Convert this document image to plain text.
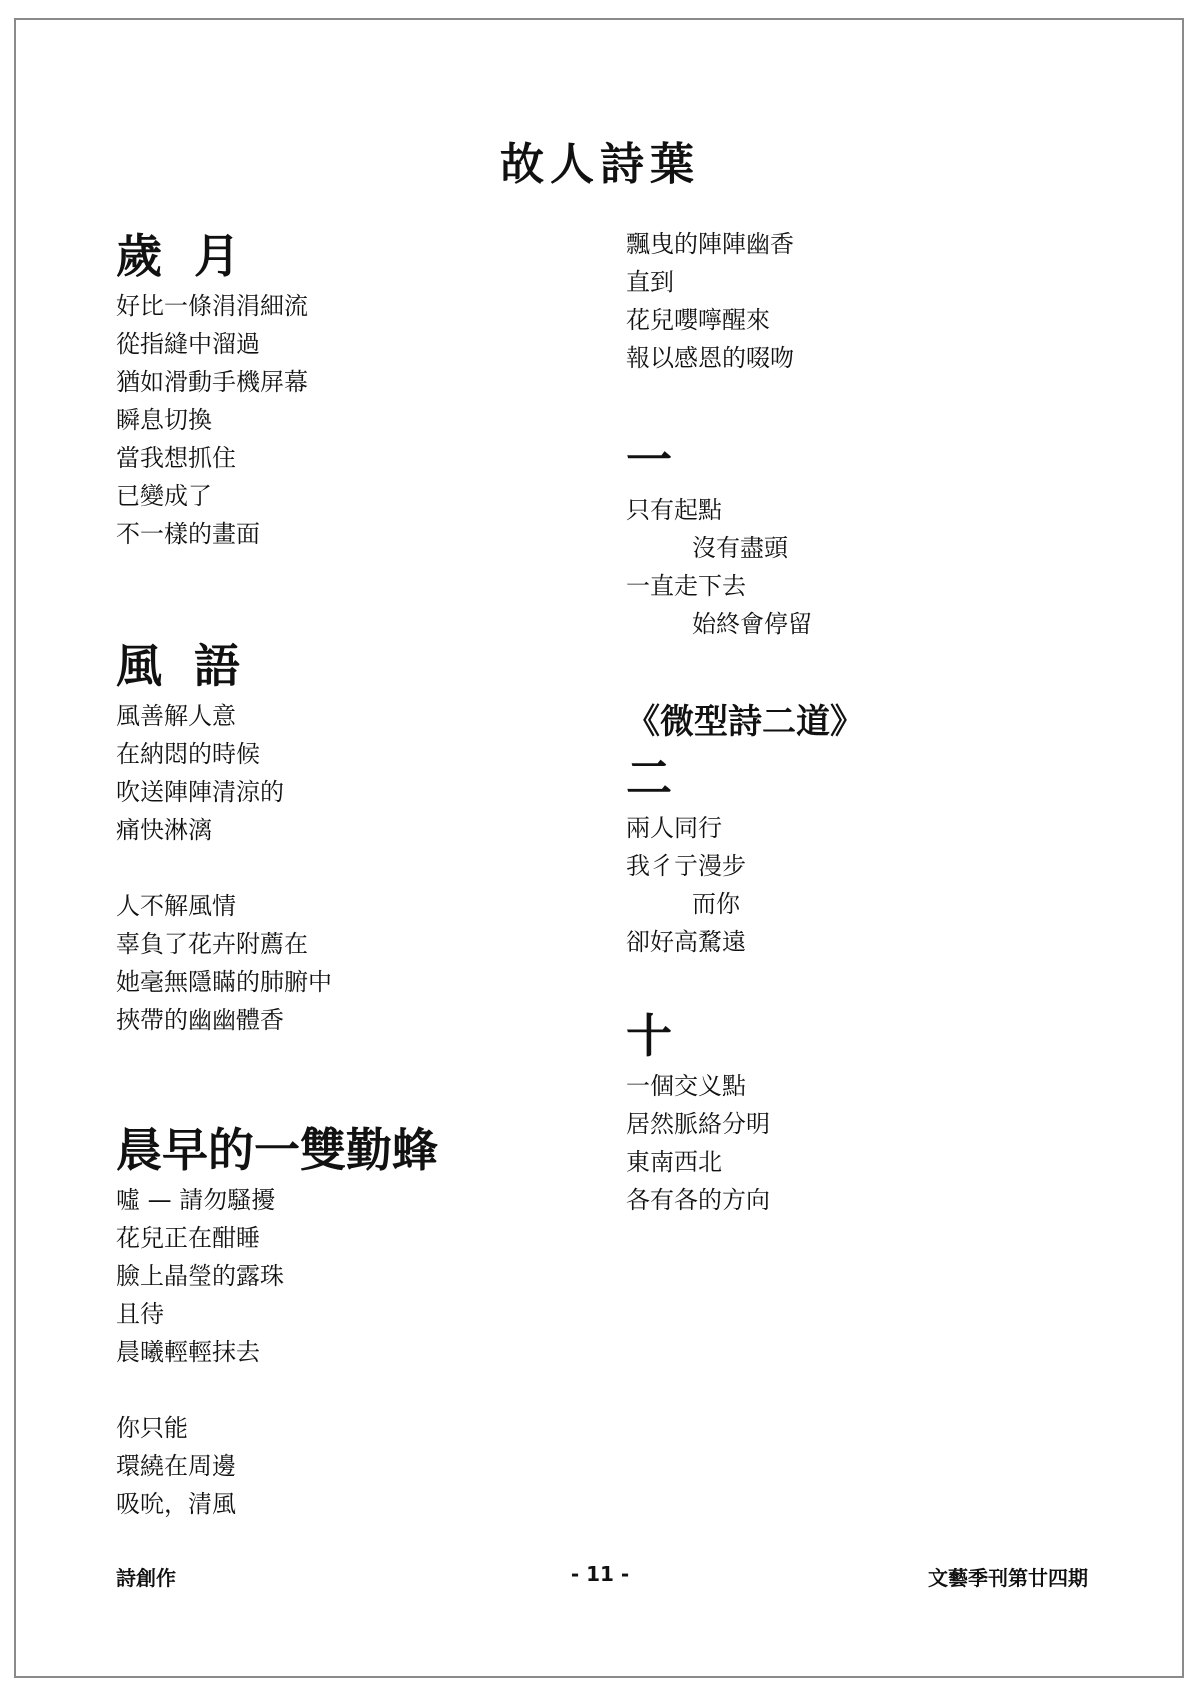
故人詩葉
歲  月
好比一條涓涓細流
從指縫中溜過
猶如滑動手機屏幕
瞬息切換
當我想抓住
已變成了
不一樣的畫面
風  語
風善解人意
在納悶的時候
吹送陣陣清涼的
痛快淋漓
人不解風情
辜負了花卉附薦在
她毫無隱瞞的肺腑中
挾帶的幽幽體香
晨早的一雙勤蜂
噓 — 請勿騷擾
花兒正在酣睡
臉上晶瑩的露珠
且待
晨曦輕輕抹去
你只能
環繞在周邊
吸吮，清風
飄曳的陣陣幽香
直到
花兒嚶嚀醒來
報以感恩的啜吻
一
只有起點
沒有盡頭
一直走下去
始終會停留
《微型詩二道》
二
兩人同行
我彳亍漫步
而你
卻好高騖遠
十
一個交义點
居然脈絡分明
東南西北
各有各的方向
詩創作	- 11 -	文藝季刊第廿四期
